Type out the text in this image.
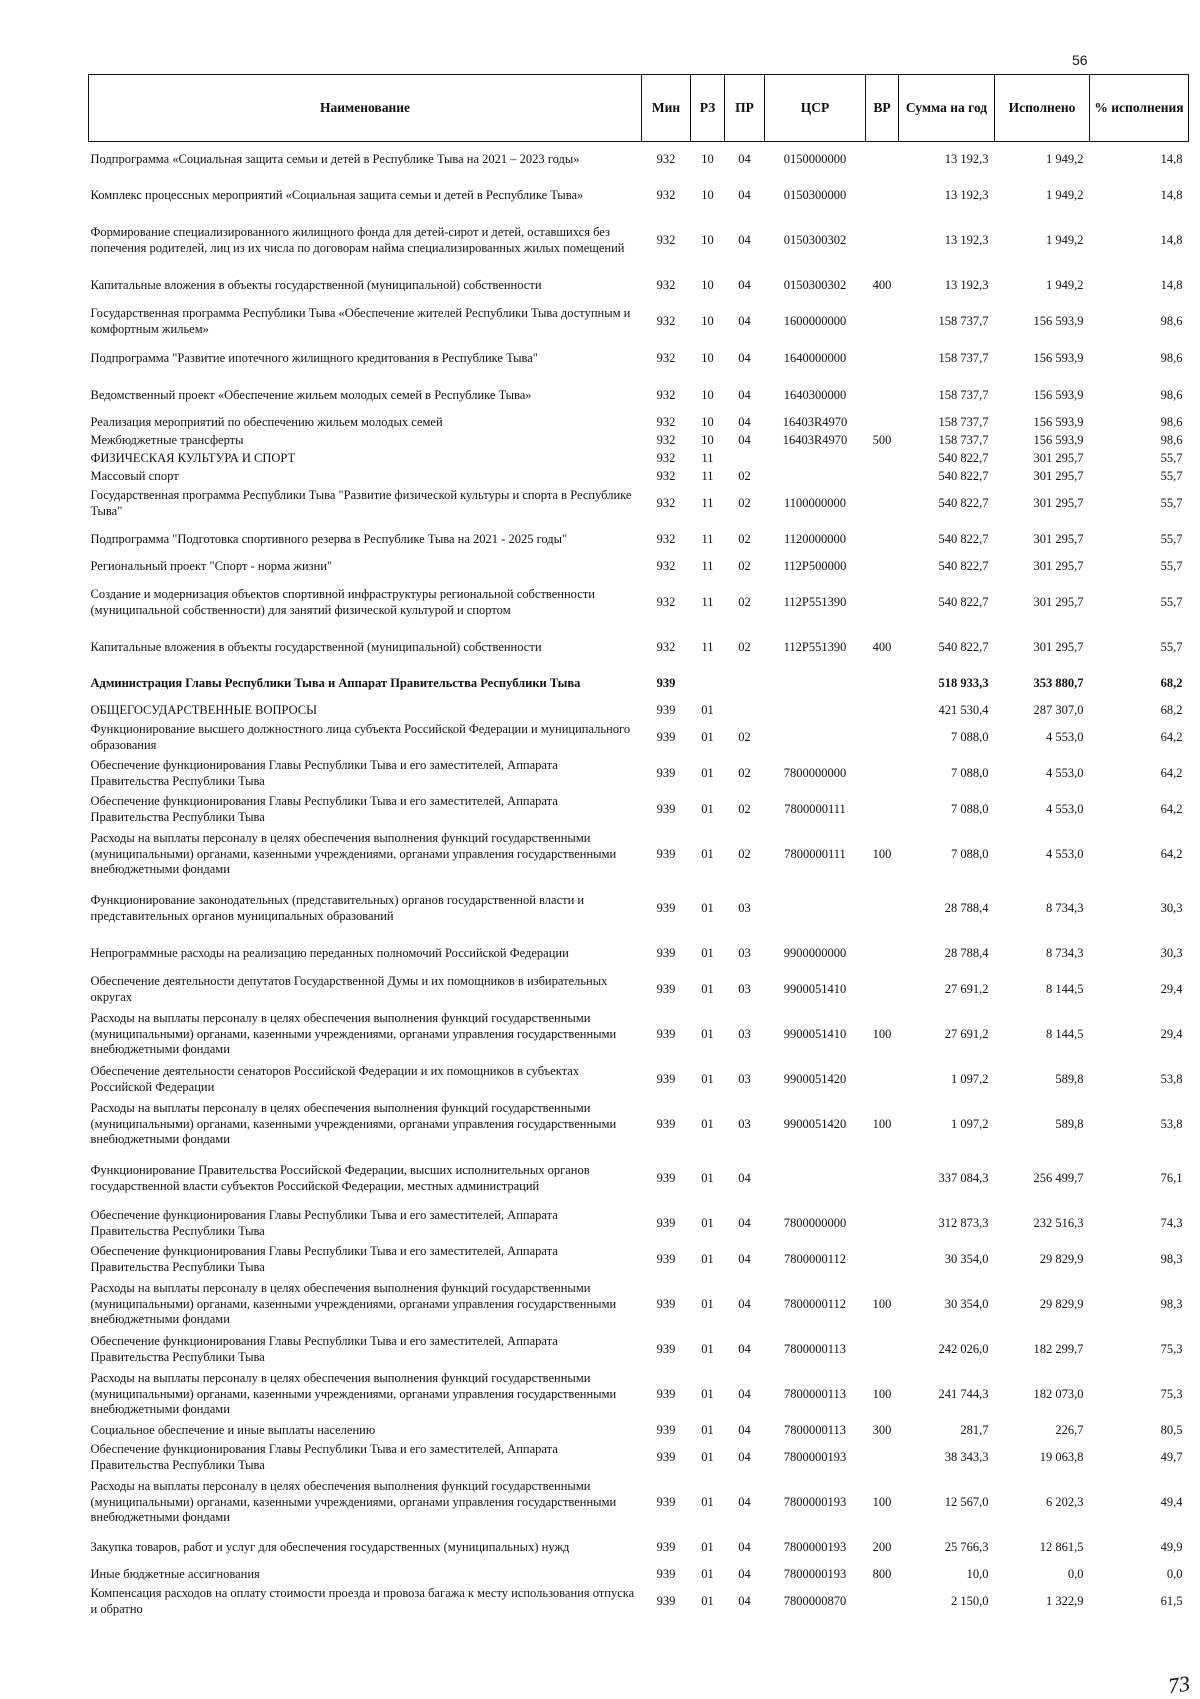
56
Наименование	Мин	РЗ	ПР	ЦСР	ВР	Сумма на год	Исполнено	% исполнения
Подпрограмма «Социальная защита семьи и детей в Республике Тыва на 2021 – 2023 годы»	932	10	04	0150000000		13 192,3	1 949,2	14,8
Комплекс процессных мероприятий «Социальная защита семьи и детей в Республике Тыва»	932	10	04	0150300000		13 192,3	1 949,2	14,8
Формирование специализированного жилищного фонда для детей-сирот и детей, оставшихся без попечения родителей, лиц из их числа по договорам найма специализированных жилых помещений	932	10	04	0150300302		13 192,3	1 949,2	14,8
Капитальные вложения в объекты государственной (муниципальной) собственности	932	10	04	0150300302	400	13 192,3	1 949,2	14,8
Государственная программа Республики Тыва «Обеспечение жителей Республики Тыва доступным и комфортным жильем»	932	10	04	1600000000		158 737,7	156 593,9	98,6
Подпрограмма "Развитие ипотечного жилищного кредитования в Республике Тыва"	932	10	04	1640000000		158 737,7	156 593,9	98,6
Ведомственный проект «Обеспечение жильем молодых семей в Республике Тыва»	932	10	04	1640300000		158 737,7	156 593,9	98,6
Реализация мероприятий по обеспечению жильем молодых семей	932	10	04	16403R4970		158 737,7	156 593,9	98,6
Межбюджетные трансферты	932	10	04	16403R4970	500	158 737,7	156 593,9	98,6
ФИЗИЧЕСКАЯ КУЛЬТУРА И СПОРТ	932	11				540 822,7	301 295,7	55,7
Массовый спорт	932	11	02			540 822,7	301 295,7	55,7
Государственная программа Республики Тыва "Развитие физической культуры и спорта в Республике Тыва"	932	11	02	1100000000		540 822,7	301 295,7	55,7
Подпрограмма "Подготовка спортивного резерва в Республике Тыва на 2021 - 2025 годы"	932	11	02	1120000000		540 822,7	301 295,7	55,7
Региональный проект "Спорт - норма жизни"	932	11	02	112P500000		540 822,7	301 295,7	55,7
Создание и модернизация объектов спортивной инфраструктуры региональной собственности (муниципальной собственности) для занятий физической культурой и спортом	932	11	02	112P551390		540 822,7	301 295,7	55,7
Капитальные вложения в объекты государственной (муниципальной) собственности	932	11	02	112P551390	400	540 822,7	301 295,7	55,7
Администрация Главы Республики Тыва и Аппарат Правительства Республики Тыва	939					518 933,3	353 880,7	68,2
ОБЩЕГОСУДАРСТВЕННЫЕ ВОПРОСЫ	939	01				421 530,4	287 307,0	68,2
Функционирование высшего должностного лица субъекта Российской Федерации и муниципального образования	939	01	02			7 088,0	4 553,0	64,2
Обеспечение функционирования Главы Республики Тыва и его заместителей, Аппарата Правительства Республики Тыва	939	01	02	7800000000		7 088,0	4 553,0	64,2
Обеспечение функционирования Главы Республики Тыва и его заместителей, Аппарата Правительства Республики Тыва	939	01	02	7800000111		7 088,0	4 553,0	64,2
Расходы на выплаты персоналу в целях обеспечения выполнения функций государственными (муниципальными) органами, казенными учреждениями, органами управления государственными внебюджетными фондами	939	01	02	7800000111	100	7 088,0	4 553,0	64,2
Функционирование законодательных (представительных) органов государственной власти и представительных органов муниципальных образований	939	01	03			28 788,4	8 734,3	30,3
Непрограммные расходы на реализацию переданных полномочий Российской Федерации	939	01	03	9900000000		28 788,4	8 734,3	30,3
Обеспечение деятельности депутатов Государственной Думы и их помощников в избирательных округах	939	01	03	9900051410		27 691,2	8 144,5	29,4
Расходы на выплаты персоналу в целях обеспечения выполнения функций государственными (муниципальными) органами, казенными учреждениями, органами управления государственными внебюджетными фондами	939	01	03	9900051410	100	27 691,2	8 144,5	29,4
Обеспечение деятельности сенаторов Российской Федерации и их помощников в субъектах Российской Федерации	939	01	03	9900051420		1 097,2	589,8	53,8
Расходы на выплаты персоналу в целях обеспечения выполнения функций государственными (муниципальными) органами, казенными учреждениями, органами управления государственными внебюджетными фондами	939	01	03	9900051420	100	1 097,2	589,8	53,8
Функционирование Правительства Российской Федерации, высших исполнительных органов государственной власти субъектов Российской Федерации, местных администраций	939	01	04			337 084,3	256 499,7	76,1
Обеспечение функционирования Главы Республики Тыва и его заместителей, Аппарата Правительства Республики Тыва	939	01	04	7800000000		312 873,3	232 516,3	74,3
Обеспечение функционирования Главы Республики Тыва и его заместителей, Аппарата Правительства Республики Тыва	939	01	04	7800000112		30 354,0	29 829,9	98,3
Расходы на выплаты персоналу в целях обеспечения выполнения функций государственными (муниципальными) органами, казенными учреждениями, органами управления государственными внебюджетными фондами	939	01	04	7800000112	100	30 354,0	29 829,9	98,3
Обеспечение функционирования Главы Республики Тыва и его заместителей, Аппарата Правительства Республики Тыва	939	01	04	7800000113		242 026,0	182 299,7	75,3
Расходы на выплаты персоналу в целях обеспечения выполнения функций государственными (муниципальными) органами, казенными учреждениями, органами управления государственными внебюджетными фондами	939	01	04	7800000113	100	241 744,3	182 073,0	75,3
Социальное обеспечение и иные выплаты населению	939	01	04	7800000113	300	281,7	226,7	80,5
Обеспечение функционирования Главы Республики Тыва и его заместителей, Аппарата Правительства Республики Тыва	939	01	04	7800000193		38 343,3	19 063,8	49,7
Расходы на выплаты персоналу в целях обеспечения выполнения функций государственными (муниципальными) органами, казенными учреждениями, органами управления государственными внебюджетными фондами	939	01	04	7800000193	100	12 567,0	6 202,3	49,4
Закупка товаров, работ и услуг для обеспечения государственных (муниципальных) нужд	939	01	04	7800000193	200	25 766,3	12 861,5	49,9
Иные бюджетные ассигнования	939	01	04	7800000193	800	10,0	0,0	0,0
Компенсация расходов на оплату стоимости проезда и провоза багажа к месту использования отпуска и обратно	939	01	04	7800000870		2 150,0	1 322,9	61,5
73
